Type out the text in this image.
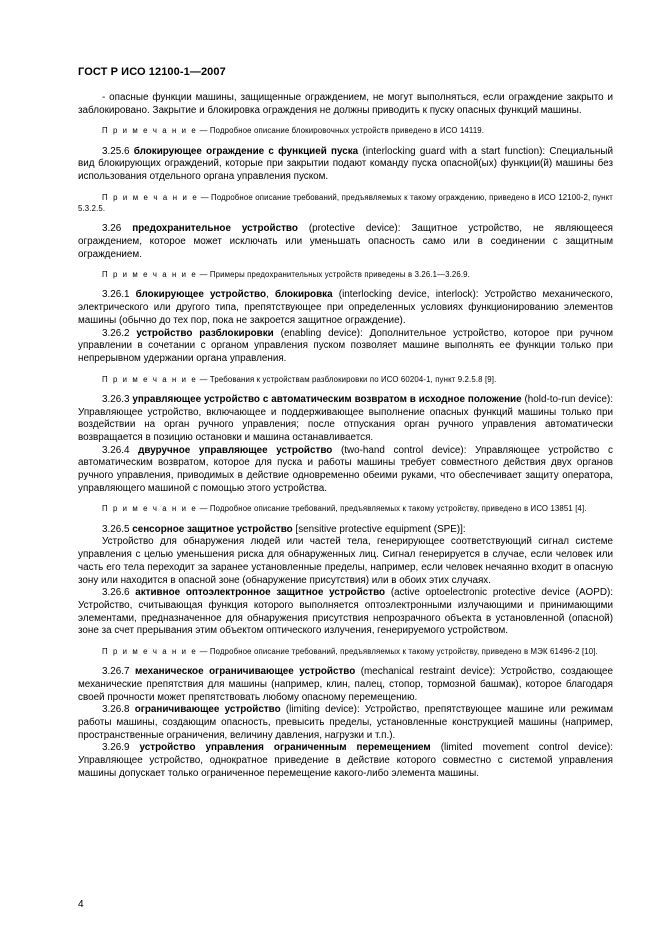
ГОСТ Р ИСО 12100-1—2007

- опасные функции машины, защищенные ограждением, не могут выполняться, если ограждение закрыто и заблокировано. Закрытие и блокировка ограждения не должны приводить к пуску опасных функций машины.

П р и м е ч а н и е — Подробное описание блокировочных устройств приведено в ИСО 14119.

3.25.6 блокирующее ограждение с функцией пуска (interlocking guard with a start function): Специальный вид блокирующих ограждений, которые при закрытии подают команду пуска опасной(ых) функции(й) машины без использования отдельного органа управления пуском.

П р и м е ч а н и е — Подробное описание требований, предъявляемых к такому ограждению, приведено в ИСО 12100-2, пункт 5.3.2.5.

3.26 предохранительное устройство (protective device): Защитное устройство, не являющееся ограждением, которое может исключать или уменьшать опасность само или в соединении с защитным ограждением.

П р и м е ч а н и е — Примеры предохранительных устройств приведены в 3.26.1—3.26.9.

3.26.1 блокирующее устройство, блокировка (interlocking device, interlock): Устройство механического, электрического или другого типа, препятствующее при определенных условиях функционированию элементов машины (обычно до тех пор, пока не закроется защитное ограждение).

3.26.2 устройство разблокировки (enabling device): Дополнительное устройство, которое при ручном управлении в сочетании с органом управления пуском позволяет машине выполнять ее функции только при непрерывном удержании органа управления.

П р и м е ч а н и е — Требования к устройствам разблокировки по ИСО 60204-1, пункт 9.2.5.8 [9].

3.26.3 управляющее устройство с автоматическим возвратом в исходное положение (hold-to-run device): Управляющее устройство, включающее и поддерживающее выполнение опасных функций машины только при воздействии на орган ручного управления; после отпускания орган ручного управления автоматически возвращается в позицию остановки и машина останавливается.

3.26.4 двуручное управляющее устройство (two-hand control device): Управляющее устройство с автоматическим возвратом, которое для пуска и работы машины требует совместного действия двух органов ручного управления, приводимых в действие одновременно обеими руками, что обеспечивает защиту оператора, управляющего машиной с помощью этого устройства.

П р и м е ч а н и е — Подробное описание требований, предъявляемых к такому устройству, приведено в ИСО 13851 [4].

3.26.5 сенсорное защитное устройство [sensitive protective equipment (SPE)]:

Устройство для обнаружения людей или частей тела, генерирующее соответствующий сигнал системе управления с целью уменьшения риска для обнаруженных лиц. Сигнал генерируется в случае, если человек или часть его тела переходит за заранее установленные пределы, например, если человек нечаянно входит в опасную зону или находится в опасной зоне (обнаружение присутствия) или в обоих этих случаях.

3.26.6 активное оптоэлектронное защитное устройство (active optoelectronic protective device (AOPD): Устройство, считывающая функция которого выполняется оптоэлектронными излучающими и принимающими элементами, предназначенное для обнаружения присутствия непрозрачного объекта в установленной (опасной) зоне за счет прерывания этим объектом оптического излучения, генерируемого устройством.

П р и м е ч а н и е — Подробное описание требований, предъявляемых к такому устройству, приведено в МЭК 61496-2 [10].

3.26.7 механическое ограничивающее устройство (mechanical restraint device): Устройство, создающее механические препятствия для машины (например, клин, палец, стопор, тормозной башмак), которое благодаря своей прочности может препятствовать любому опасному перемещению.

3.26.8 ограничивающее устройство (limiting device): Устройство, препятствующее машине или режимам работы машины, создающим опасность, превысить пределы, установленные конструкцией машины (например, пространственные ограничения, величину давления, нагрузки и т.п.).

3.26.9 устройство управления ограниченным перемещением (limited movement control device): Управляющее устройство, однократное приведение в действие которого совместно с системой управления машины допускает только ограниченное перемещение какого-либо элемента машины.

4
